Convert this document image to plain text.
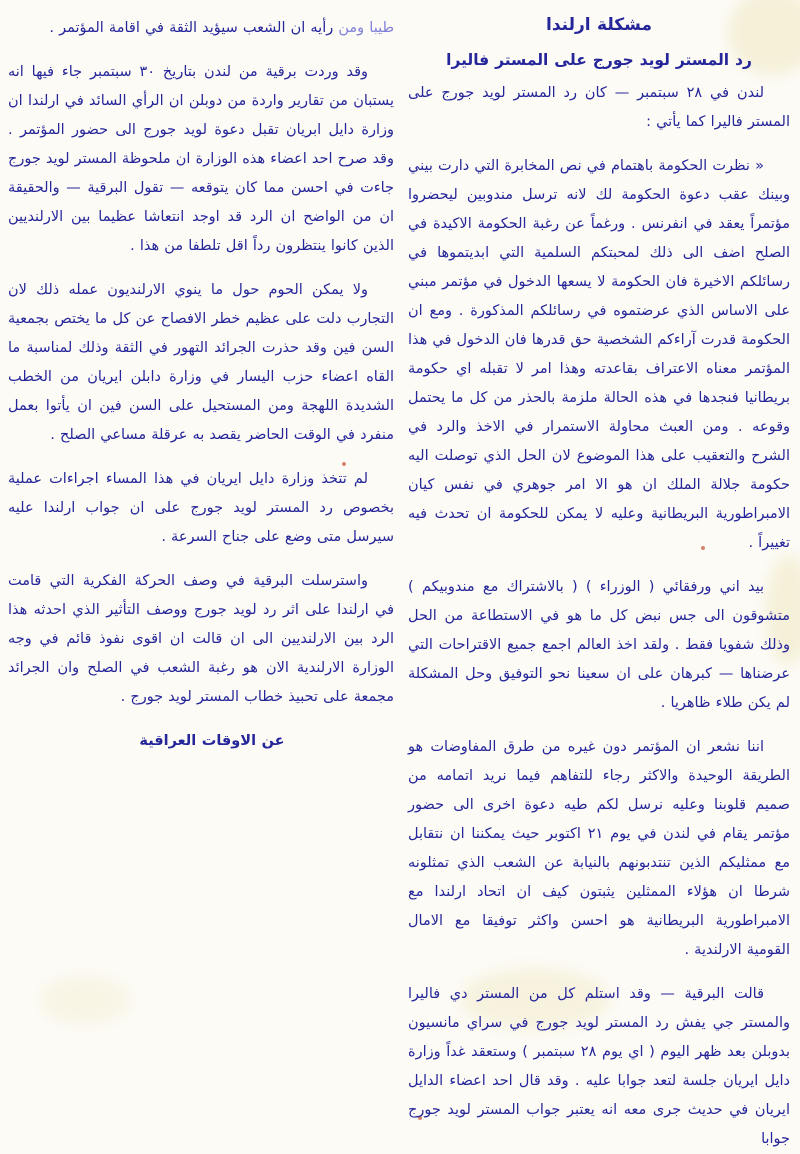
مشكلة ارلندا
رد المستر لويد جورج على المستر فاليرا

لندن في ٢٨ سبتمبر — كان رد المستر لويد جورج على المستر فاليرا كما يأتي :

« نظرت الحكومة باهتمام في نص المخابرة التي دارت بيني وبينك عقب دعوة الحكومة لك لانه ترسل مندوبين ليحضروا مؤتمراً يعقد في انفرنس . ورغماً عن رغبة الحكومة الاكيدة في الصلح اضف الى ذلك لمحبتكم السلمية التي ابديتموها في رسائلكم الاخيرة فان الحكومة لا يسعها الدخول في مؤتمر مبني على الاساس الذي عرضتموه في رسائلكم المذكورة . ومع ان الحكومة قدرت آراءكم الشخصية حق قدرها فان الدخول في هذا المؤتمر معناه الاعتراف بقاعدته وهذا امر لا تقبله اي حكومة بريطانيا فنجدها في هذه الحالة ملزمة بالحذر من كل ما يحتمل وقوعه . ومن العبث محاولة الاستمرار في الاخذ والرد في الشرح والتعقيب على هذا الموضوع لان الحل الذي توصلت اليه حكومة جلالة الملك ان هو الا امر جوهري في نفس كيان الامبراطورية البريطانية وعليه لا يمكن للحكومة ان تحدث فيه تغييراً .

بيد اني ورفقائي ( الوزراء ) ( بالاشتراك مع مندوبيكم ) متشوقون الى جس نبض كل ما هو في الاستطاعة من الحل وذلك شفويا فقط . ولقد اخذ العالم اجمع جميع الاقتراحات التي عرضناها — كبرهان على ان سعينا نحو التوفيق وحل المشكلة لم يكن طلاء ظاهريا .

اننا نشعر ان المؤتمر دون غيره من طرق المفاوضات هو الطريقة الوحيدة والاكثر رجاء للتفاهم فيما نريد اتمامه من صميم قلوبنا وعليه نرسل لكم طيه دعوة اخرى الى حضور مؤتمر يقام في لندن في يوم ٢١ اكتوبر حيث يمكننا ان نتقابل مع ممثليكم الذين تنتدبونهم بالنيابة عن الشعب الذي تمثلونه شرطا ان هؤلاء الممثلين يثبتون كيف ان اتحاد ارلندا مع الامبراطورية البريطانية هو احسن واكثر توفيقا مع الامال القومية الارلندية .

قالت البرقية — وقد استلم كل من المستر دي فاليرا والمستر جي يفش رد المستر لويد جورج في سراي مانسيون بدوبلن بعد ظهر اليوم ( اي يوم ٢٨ سبتمبر ) وستعقد غداً وزارة دايل ايريان جلسة لتعد جوابا عليه . وقد قال احد اعضاء الدايل ايريان في حديث جرى معه انه يعتبر جواب المستر لويد جورج جوابا

طيبا ومن رأيه ان الشعب سيؤيد الثقة في اقامة المؤتمر .

وقد وردت برقية من لندن بتاريخ ٣٠ سبتمبر جاء فيها انه يستبان من تقارير واردة من دوبلن ان الرأي السائد في ارلندا ان وزارة دايل ابريان تقبل دعوة لويد جورج الى حضور المؤتمر . وقد صرح احد اعضاء هذه الوزارة ان ملحوظة المستر لويد جورج جاءت في احسن مما كان يتوقعه — تقول البرقية — والحقيقة ان من الواضح ان الرد قد اوجد انتعاشا عظيما بين الارلنديين الذين كانوا ينتظرون رداً اقل تلطفا من هذا .

ولا يمكن الحوم حول ما ينوي الارلنديون عمله ذلك لان التجارب دلت على عظيم خطر الافصاح عن كل ما يختص بجمعية السن فين وقد حذرت الجرائد التهور في الثقة وذلك لمناسبة ما القاه اعضاء حزب اليسار في وزارة دابلن ايريان من الخطب الشديدة اللهجة ومن المستحيل على السن فين ان يأتوا بعمل منفرد في الوقت الحاضر يقصد به عرقلة مساعي الصلح .

لم تتخذ وزارة دايل ايريان في هذا المساء اجراءات عملية بخصوص رد المستر لويد جورج على ان جواب ارلندا عليه سيرسل متى وضع على جناح السرعة .

واسترسلت البرقية في وصف الحركة الفكرية التي قامت في ارلندا على اثر رد لويد جورج ووصف التأثير الذي احدثه هذا الرد بين الارلنديين الى ان قالت ان اقوى نفوذ قائم في وجه الوزارة الارلندية الان هو رغبة الشعب في الصلح وان الجرائد مجمعة على تحبيذ خطاب المستر لويد جورج .

عن الاوقات العراقية
